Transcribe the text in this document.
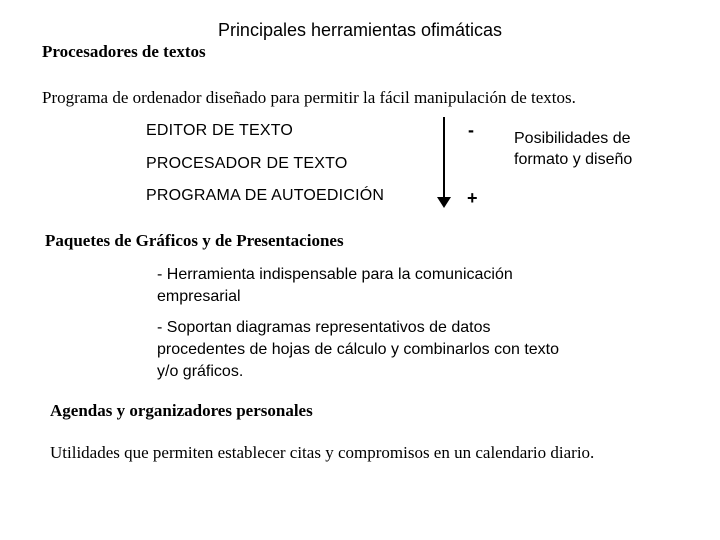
Principales herramientas ofimáticas
Procesadores de textos
Programa de ordenador diseñado para permitir la fácil manipulación de textos.
EDITOR DE TEXTO
PROCESADOR DE TEXTO
PROGRAMA DE AUTOEDICIÓN
-
+
Posibilidades de formato y diseño
Paquetes de Gráficos y de Presentaciones
- Herramienta indispensable para la comunicación empresarial
- Soportan diagramas representativos de datos procedentes de hojas de cálculo y combinarlos con texto y/o gráficos.
Agendas y organizadores personales
Utilidades que permiten establecer citas y compromisos en un calendario diario.
